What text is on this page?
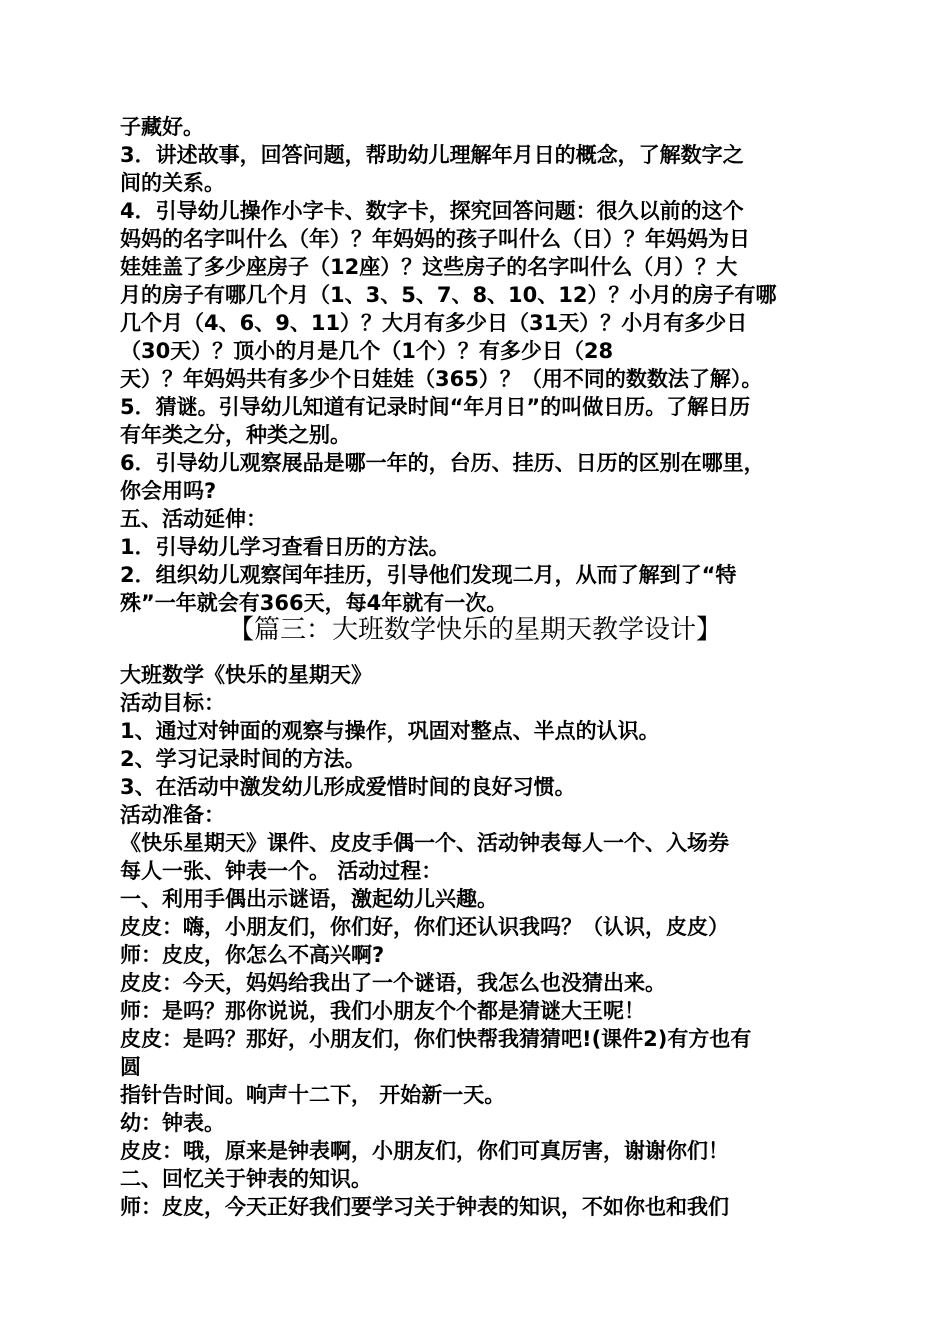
子藏好。
3．讲述故事，回答问题，帮助幼儿理解年月日的概念，了解数字之
间的关系。
4．引导幼儿操作小字卡、数字卡，探究回答问题：很久以前的这个
妈妈的名字叫什么（年）？年妈妈的孩子叫什么（日）？年妈妈为日
娃娃盖了多少座房子（12座）？这些房子的名字叫什么（月）？大
月的房子有哪几个月（1、3、5、7、8、10、12）？小月的房子有哪
几个月（4、6、9、11）？大月有多少日（31天）？小月有多少日
（30天）？顶小的月是几个（1个）？有多少日（28
天）？年妈妈共有多少个日娃娃（365）？（用不同的数数法了解）。
5．猜谜。引导幼儿知道有记录时间“年月日”的叫做日历。了解日历
有年类之分，种类之别。
6．引导幼儿观察展品是哪一年的，台历、挂历、日历的区别在哪里，
你会用吗?
五、活动延伸：
1．引导幼儿学习查看日历的方法。
2．组织幼儿观察闰年挂历，引导他们发现二月，从而了解到了“特
殊”一年就会有366天，每4年就有一次。
【篇三：大班数学快乐的星期天教学设计】
大班数学《快乐的星期天》
活动目标：
1、通过对钟面的观察与操作，巩固对整点、半点的认识。
2、学习记录时间的方法。
3、在活动中激发幼儿形成爱惜时间的良好习惯。
活动准备：
《快乐星期天》课件、皮皮手偶一个、活动钟表每人一个、入场券
每人一张、钟表一个。 活动过程：
一、利用手偶出示谜语，激起幼儿兴趣。
皮皮：嗨，小朋友们，你们好，你们还认识我吗？（认识，皮皮）
师：皮皮，你怎么不高兴啊?
皮皮：今天，妈妈给我出了一个谜语，我怎么也没猜出来。
师：是吗？那你说说，我们小朋友个个都是猜谜大王呢！
皮皮：是吗？那好，小朋友们，你们快帮我猜猜吧!(课件2)有方也有
圆
指针告时间。响声十二下， 开始新一天。
幼：钟表。
皮皮：哦，原来是钟表啊，小朋友们，你们可真厉害，谢谢你们！
二、回忆关于钟表的知识。
师：皮皮，今天正好我们要学习关于钟表的知识，不如你也和我们
